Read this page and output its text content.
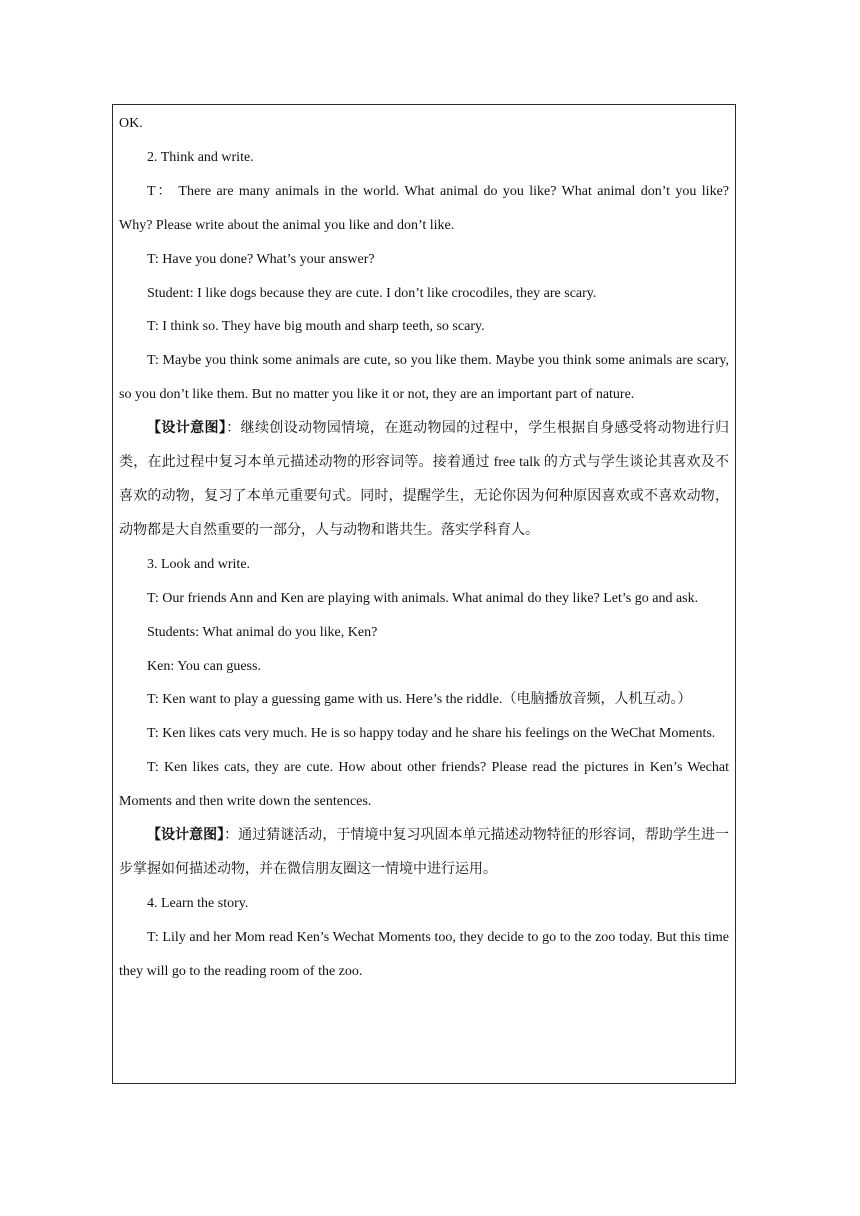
OK.

2. Think and write.

T： There are many animals in the world. What animal do you like? What animal don’t you like? Why? Please write about the animal you like and don’t like.

T: Have you done? What’s your answer?

Student: I like dogs because they are cute. I don’t like crocodiles, they are scary.

T: I think so. They have big mouth and sharp teeth, so scary.

T: Maybe you think some animals are cute, so you like them. Maybe you think some animals are scary, so you don’t like them. But no matter you like it or not, they are an important part of nature.

【设计意图】：继续创设动物园情境，在逛动物园的过程中，学生根据自身感受将动物进行归类，在此过程中复习本单元描述动物的形容词等。接着通过 free talk 的方式与学生谈论其喜欢及不喜欢的动物，复习了本单元重要句式。同时，提醒学生，无论你因为何种原因喜欢或不喜欢动物，动物都是大自然重要的一部分，人与动物和谐共生。落实学科育人。

3. Look and write.

T: Our friends Ann and Ken are playing with animals. What animal do they like? Let’s go and ask.

Students: What animal do you like, Ken?

Ken: You can guess.

T: Ken want to play a guessing game with us. Here’s the riddle.（电脑播放音频，人机互动。）

T: Ken likes cats very much. He is so happy today and he share his feelings on the WeChat Moments.

T: Ken likes cats, they are cute. How about other friends? Please read the pictures in Ken’s Wechat Moments and then write down the sentences.

【设计意图】：通过猜谜活动，于情境中复习巩固本单元描述动物特征的形容词，帮助学生进一步掌握如何描述动物，并在微信朋友圈这一情境中进行运用。

4. Learn the story.

T: Lily and her Mom read Ken’s Wechat Moments too, they decide to go to the zoo today. But this time they will go to the reading room of the zoo.
